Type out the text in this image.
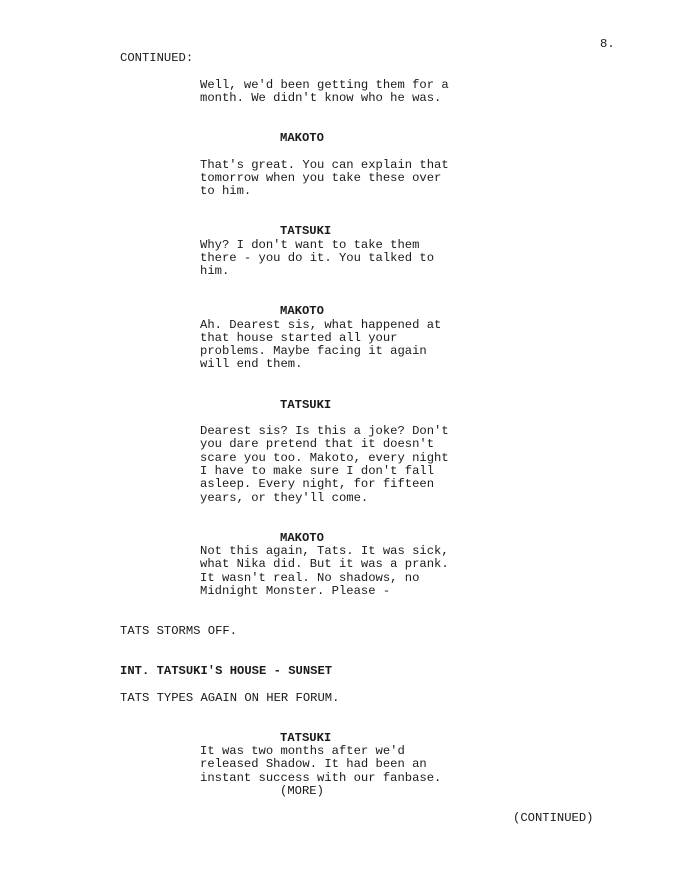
CONTINUED:
8.
Well, we'd been getting them for a
month. We didn't know who he was.
MAKOTO
That's great. You can explain that
tomorrow when you take these over
to him.
TATSUKI
Why? I don't want to take them
there - you do it. You talked to
him.
MAKOTO
Ah. Dearest sis, what happened at
that house started all your
problems. Maybe facing it again
will end them.
TATSUKI
Dearest sis? Is this a joke? Don't
you dare pretend that it doesn't
scare you too. Makoto, every night
I have to make sure I don't fall
asleep. Every night, for fifteen
years, or they'll come.
MAKOTO
Not this again, Tats. It was sick,
what Nika did. But it was a prank.
It wasn't real. No shadows, no
Midnight Monster. Please -
TATS STORMS OFF.
INT. TATSUKI'S HOUSE - SUNSET
TATS TYPES AGAIN ON HER FORUM.
TATSUKI
It was two months after we'd
released Shadow. It had been an
instant success with our fanbase.
(MORE)
(CONTINUED)
